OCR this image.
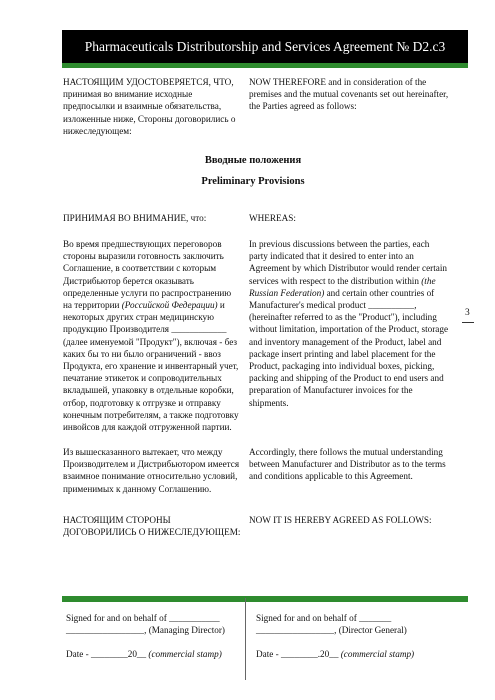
Pharmaceuticals Distributorship and Services Agreement № D2.c3
НАСТОЯЩИМ УДОСТОВЕРЯЕТСЯ, ЧТО, принимая во внимание исходные предпосылки и взаимные обязательства, изложенные ниже, Стороны договорились о нижеследующем:
NOW THEREFORE and in consideration of the premises and the mutual covenants set out hereinafter, the Parties agreed as follows:
Вводные положения
Preliminary Provisions
ПРИНИМАЯ ВО ВНИМАНИЕ, что:	WHEREAS:
Во время предшествующих переговоров стороны выразили готовность заключить Соглашение, в соответствии с которым Дистрибьютор берется оказывать определенные услуги по распространению на территории (Российской Федерации) и некоторых других стран медицинскую продукцию Производителя ____________ (далее именуемой "Продукт"), включая - без каких бы то ни было ограничений - ввоз Продукта, его хранение и инвентарный учет, печатание этикеток и сопроводительных вкладышей, упаковку в отдельные коробки, отбор, подготовку к отгрузке и отправку конечным потребителям, а также подготовку инвойсов для каждой отгруженной партии.
In previous discussions between the parties, each party indicated that it desired to enter into an Agreement by which Distributor would render certain services with respect to the distribution within (the Russian Federation) and certain other countries of Manufacturer's medical product __________, (hereinafter referred to as the "Product"), including without limitation, importation of the Product, storage and inventory management of the Product, label and package insert printing and label placement for the Product, packaging into individual boxes, picking, packing and shipping of the Product to end users and preparation of Manufacturer invoices for the shipments.
Из вышесказанного вытекает, что между Производителем и Дистрибьютором имеется взаимное понимание относительно условий, применимых к данному Соглашению.
Accordingly, there follows the mutual understanding between Manufacturer and Distributor as to the terms and conditions applicable to this Agreement.
НАСТОЯЩИМ СТОРОНЫ ДОГОВОРИЛИСЬ О НИЖЕСЛЕДУЮЩЕМ:
NOW IT IS HEREBY AGREED AS FOLLOWS:
3
Signed for and on behalf of ___________
_________________, (Managing Director)
Date - ________20__ (commercial stamp)
Signed for and on behalf of _______
_________________, (Director General)
Date - ________.20__ (commercial stamp)
